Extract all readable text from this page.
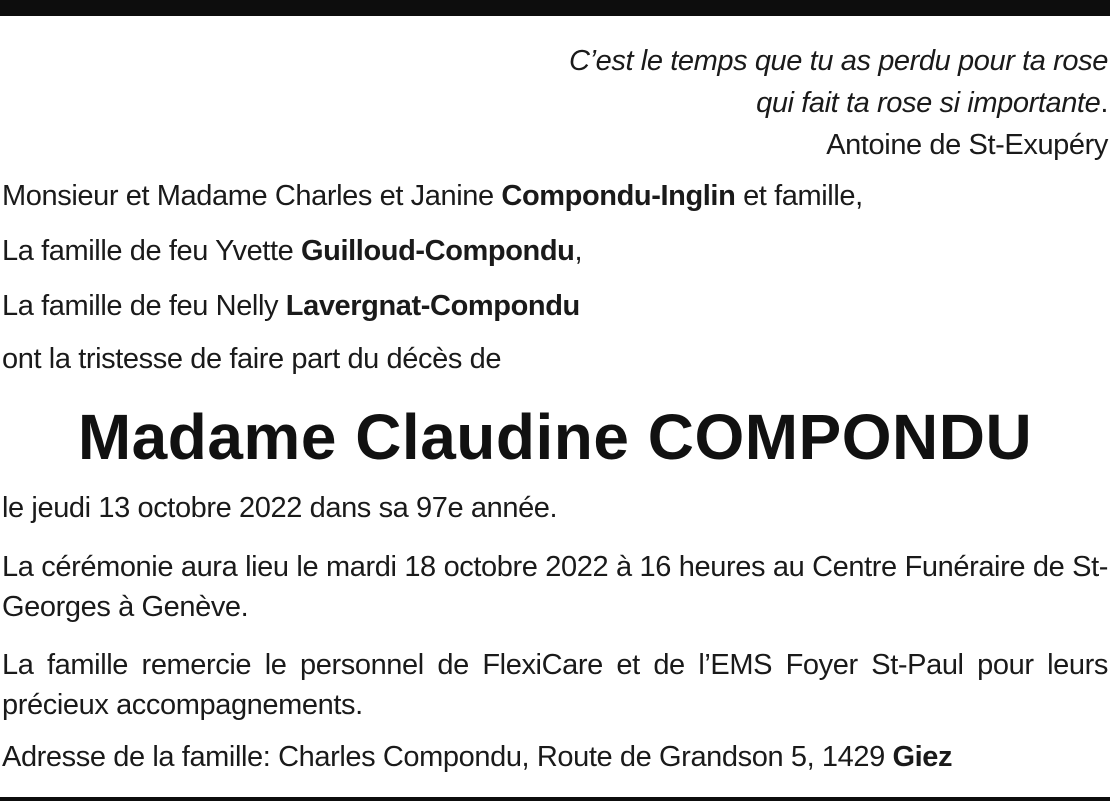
C’est le temps que tu as perdu pour ta rose
qui fait ta rose si importante.
Antoine de St-Exupéry
Monsieur et Madame Charles et Janine Compondu-Inglin et famille,
La famille de feu Yvette Guilloud-Compondu,
La famille de feu Nelly Lavergnat-Compondu
ont la tristesse de faire part du décès de
Madame Claudine COMPONDU
le jeudi 13 octobre 2022 dans sa 97e année.
La cérémonie aura lieu le mardi 18 octobre 2022 à 16 heures au Centre Funéraire de St-Georges à Genève.
La famille remercie le personnel de FlexiCare et de l’EMS Foyer St-Paul pour leurs précieux accompagnements.
Adresse de la famille: Charles Compondu, Route de Grandson 5, 1429 Giez
